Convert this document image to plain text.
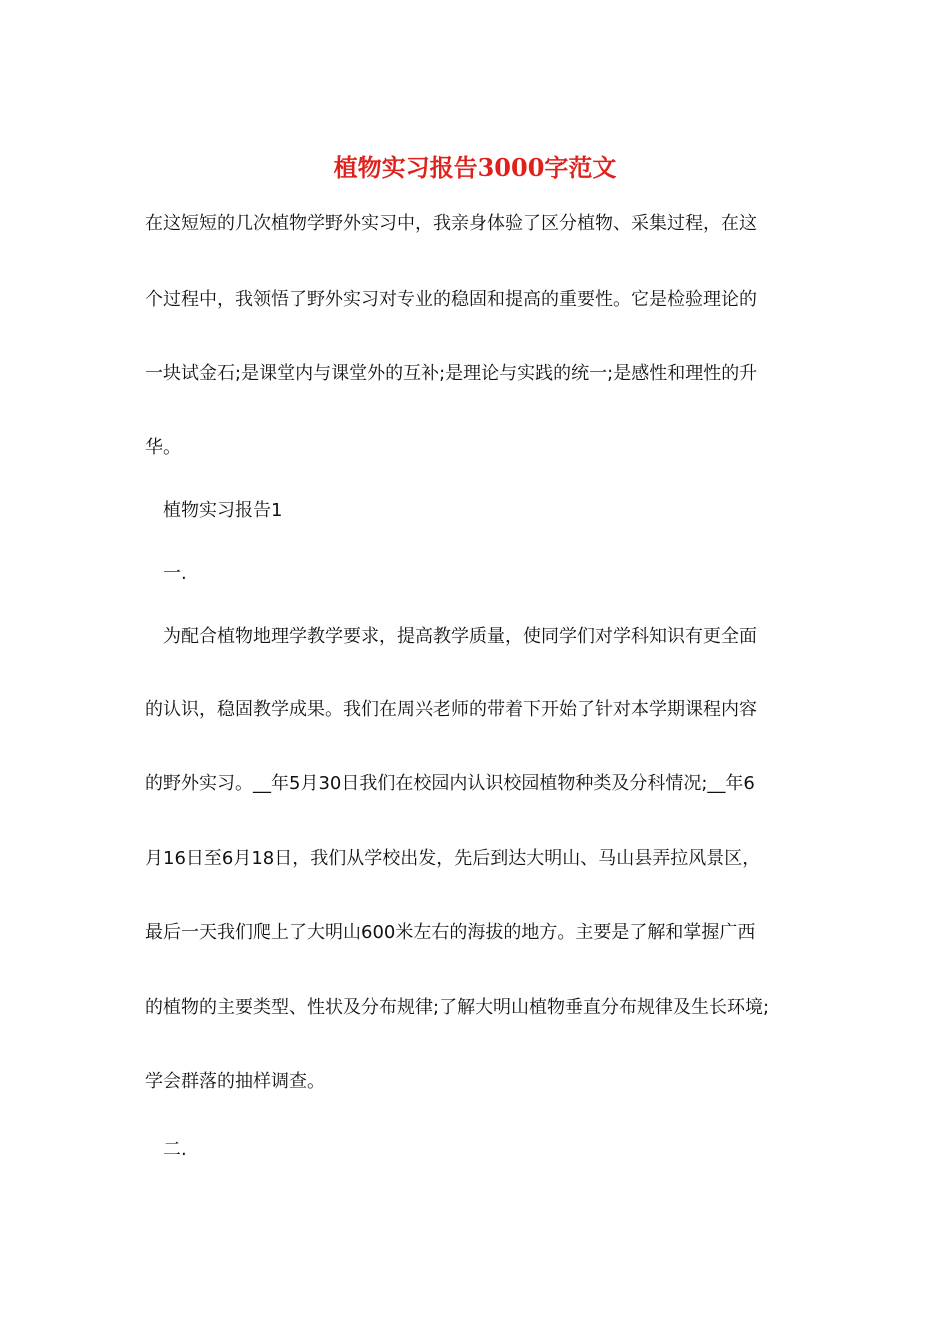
植物实习报告3000字范文
在这短短的几次植物学野外实习中，我亲身体验了区分植物、采集过程，在这
个过程中，我领悟了野外实习对专业的稳固和提高的重要性。它是检验理论的
一块试金石;是课堂内与课堂外的互补;是理论与实践的统一;是感性和理性的升
华。
植物实习报告1
一.
为配合植物地理学教学要求，提高教学质量，使同学们对学科知识有更全面
的认识，稳固教学成果。我们在周兴老师的带着下开始了针对本学期课程内容
的野外实习。__年5月30日我们在校园内认识校园植物种类及分科情况;__年6
月16日至6月18日，我们从学校出发，先后到达大明山、马山县弄拉风景区，
最后一天我们爬上了大明山600米左右的海拔的地方。主要是了解和掌握广西
的植物的主要类型、性状及分布规律;了解大明山植物垂直分布规律及生长环境;
学会群落的抽样调查。
二.
